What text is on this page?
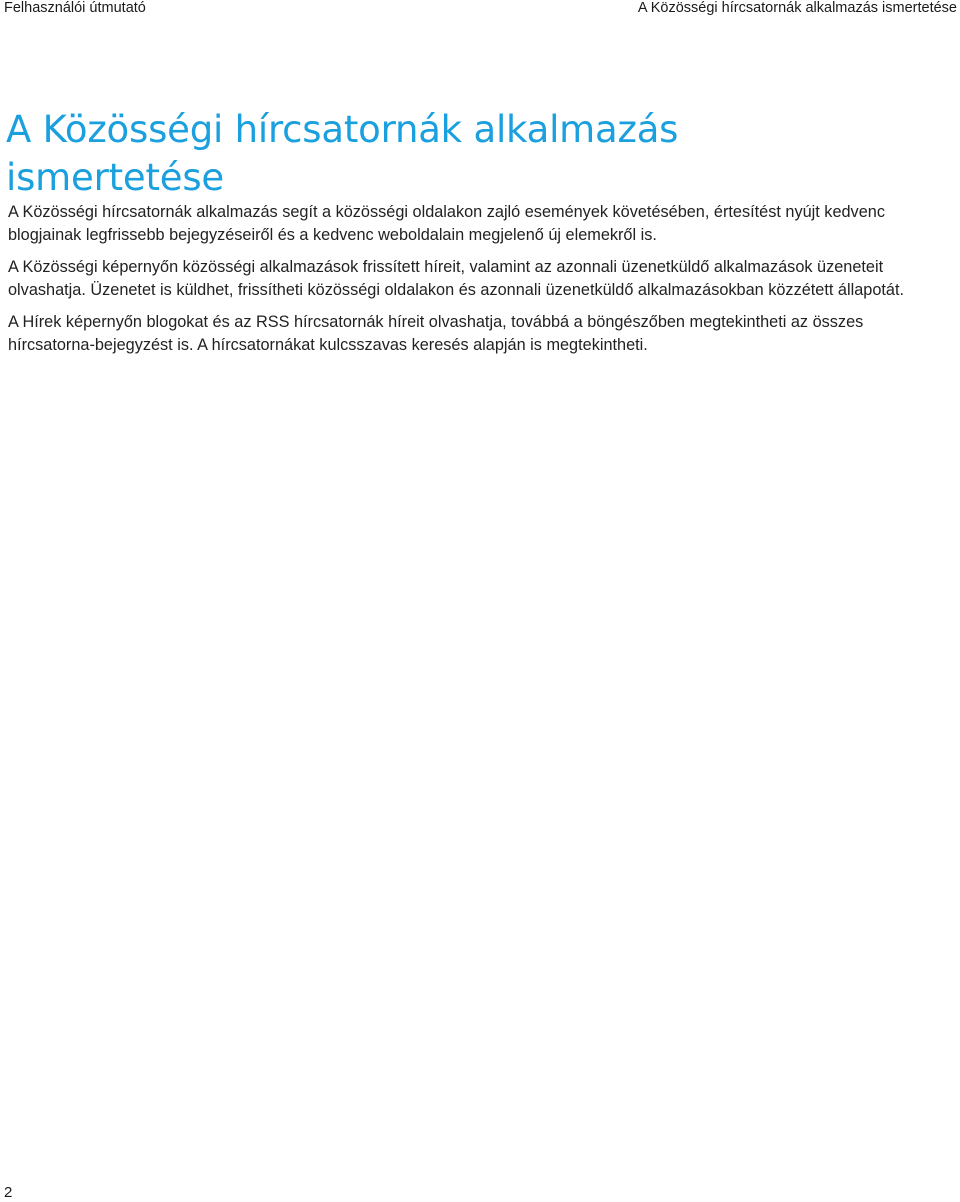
Felhasználói útmutató	A Közösségi hírcsatornák alkalmazás ismertetése
A Közösségi hírcsatornák alkalmazás
ismertetése

A Közösségi hírcsatornák alkalmazás segít a közösségi oldalakon zajló események követésében, értesítést nyújt kedvenc blogjainak legfrissebb bejegyzéseiről és a kedvenc weboldalain megjelenő új elemekről is.

A Közösségi képernyőn közösségi alkalmazások frissített híreit, valamint az azonnali üzenetküldő alkalmazások üzeneteit olvashatja. Üzenetet is küldhet, frissítheti közösségi oldalakon és azonnali üzenetküldő alkalmazásokban közzétett állapotát.

A Hírek képernyőn blogokat és az RSS hírcsatornák híreit olvashatja, továbbá a böngészőben megtekintheti az összes hírcsatorna-bejegyzést is. A hírcsatornákat kulcsszavas keresés alapján is megtekintheti.

2
